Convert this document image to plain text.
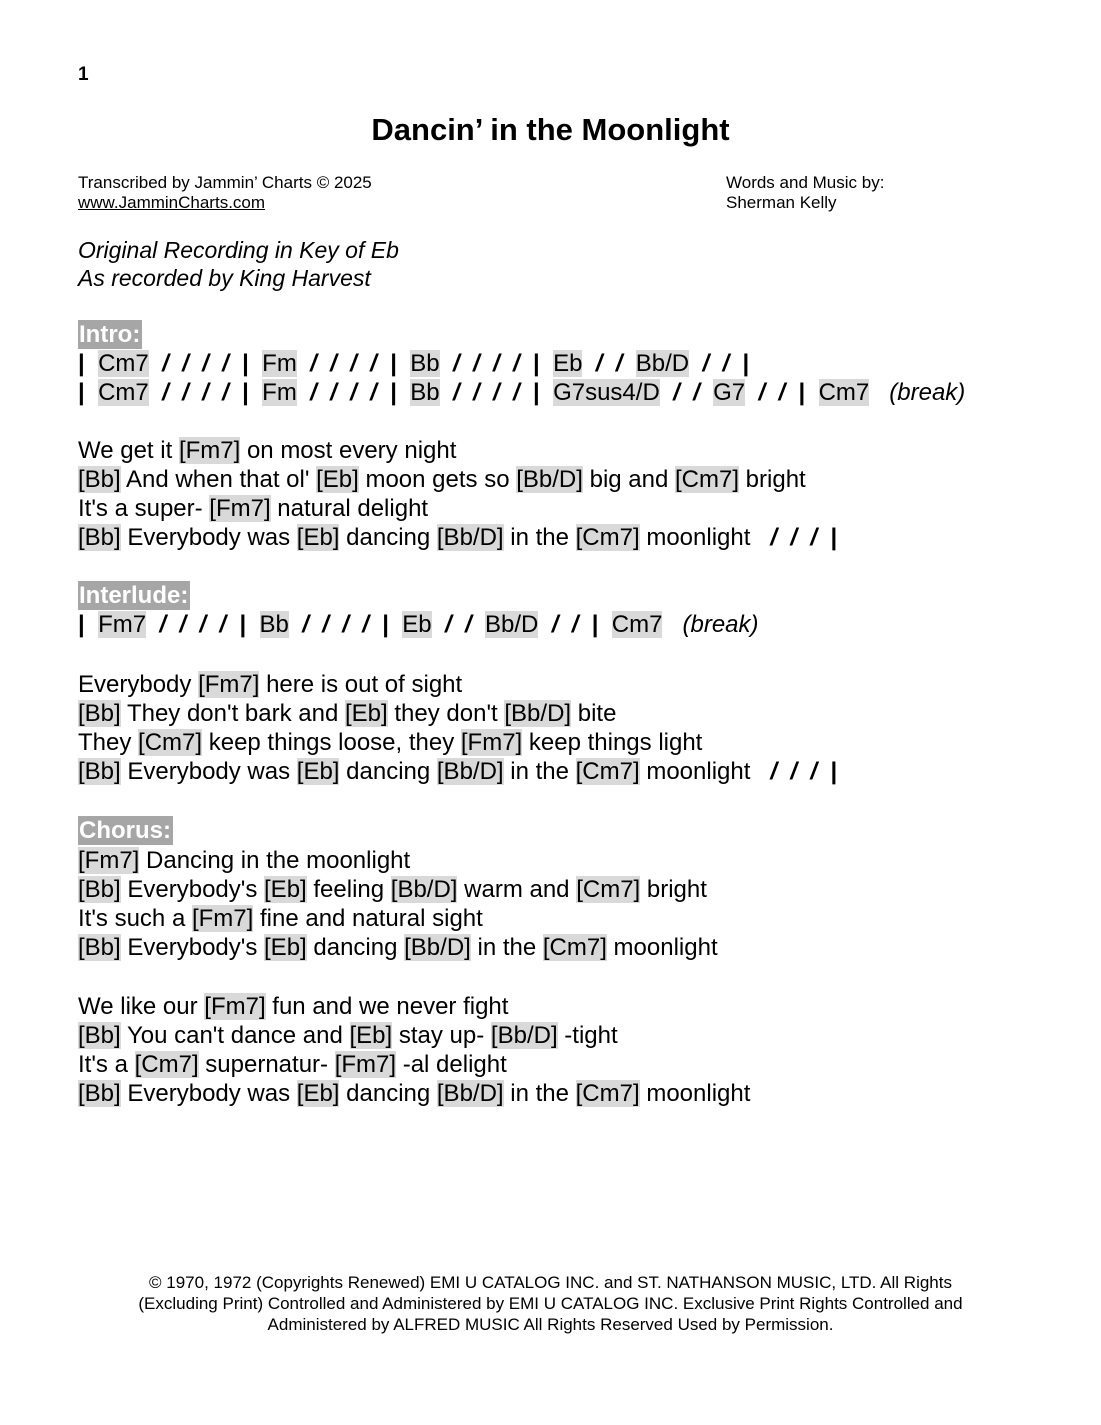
1
Dancin’ in the Moonlight
Transcribed by Jammin’ Charts © 2025
www.JamminCharts.com
Words and Music by:
Sherman Kelly
Original Recording in Key of Eb
As recorded by King Harvest
Intro:
| Cm7 /  /  /  / | Fm /  /  /  / | Bb /  /  /  / | Eb /  / Bb/D /  / |
| Cm7 /  /  /  / | Fm /  /  /  / | Bb /  /  /  / | G7sus4/D /  / G7 /  / | Cm7 (break)
We get it [Fm7] on most every night
[Bb] And when that ol' [Eb] moon gets so [Bb/D] big and [Cm7] bright
It's a super- [Fm7] natural delight
[Bb] Everybody was [Eb] dancing [Bb/D] in the [Cm7] moonlight /  /  / |
Interlude:
| Fm7 /  /  /  / | Bb /  /  /  / | Eb /  / Bb/D /  / | Cm7 (break)
Everybody [Fm7] here is out of sight
[Bb] They don't bark and [Eb] they don't [Bb/D] bite
They [Cm7] keep things loose, they [Fm7] keep things light
[Bb] Everybody was [Eb] dancing [Bb/D] in the [Cm7] moonlight /  /  / |
Chorus:
[Fm7] Dancing in the moonlight
[Bb] Everybody's [Eb] feeling [Bb/D] warm and [Cm7] bright
It's such a [Fm7] fine and natural sight
[Bb] Everybody's [Eb] dancing [Bb/D] in the [Cm7] moonlight
We like our [Fm7] fun and we never fight
[Bb] You can't dance and [Eb] stay up- [Bb/D] -tight
It's a [Cm7] supernatur- [Fm7] -al delight
[Bb] Everybody was [Eb] dancing [Bb/D] in the [Cm7] moonlight
© 1970, 1972 (Copyrights Renewed) EMI U CATALOG INC. and ST. NATHANSON MUSIC, LTD. All Rights
(Excluding Print) Controlled and Administered by EMI U CATALOG INC. Exclusive Print Rights Controlled and
Administered by ALFRED MUSIC All Rights Reserved Used by Permission.
